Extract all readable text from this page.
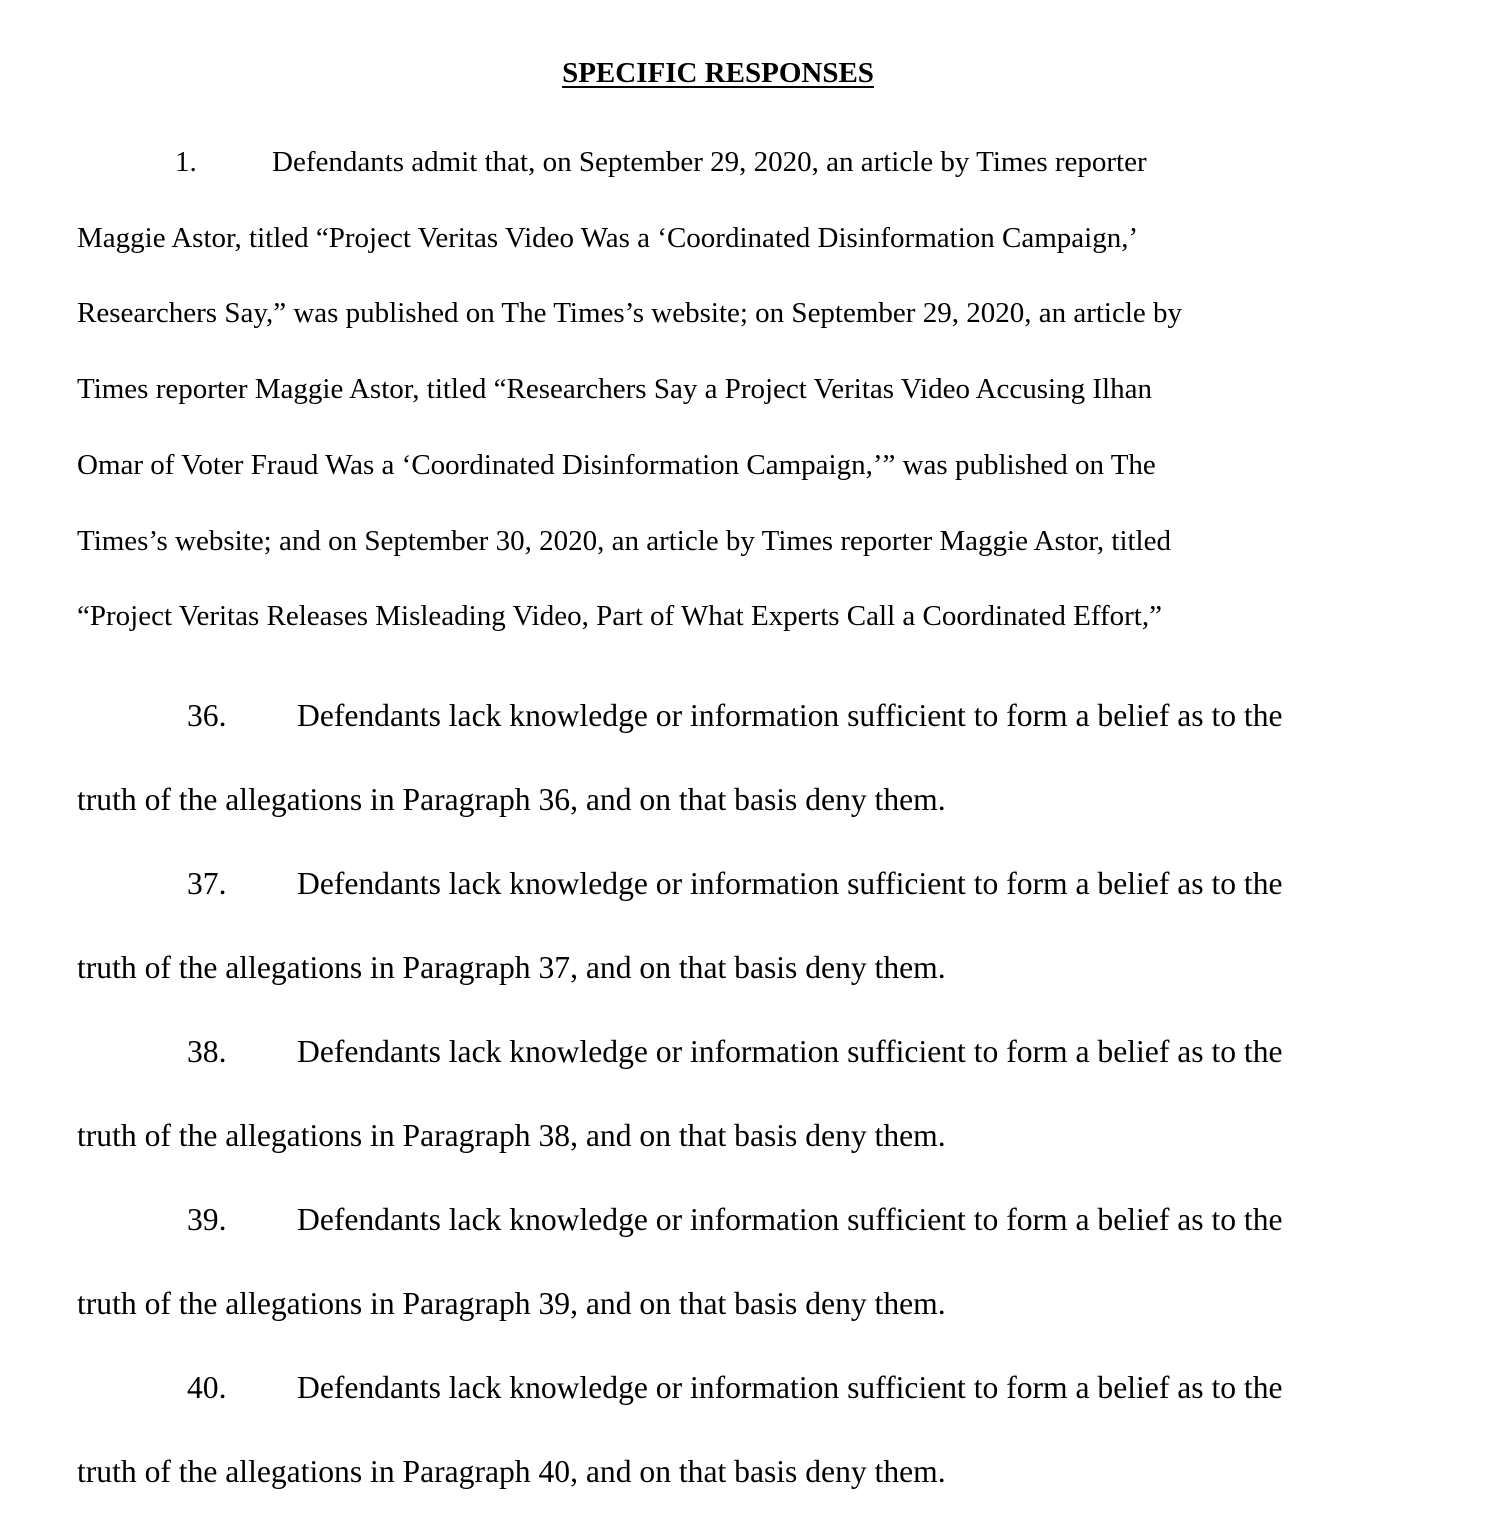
SPECIFIC RESPONSES
1.	Defendants admit that, on September 29, 2020, an article by Times reporter
Maggie Astor, titled “Project Veritas Video Was a ‘Coordinated Disinformation Campaign,’
Researchers Say,” was published on The Times’s website; on September 29, 2020, an article by
Times reporter Maggie Astor, titled “Researchers Say a Project Veritas Video Accusing Ilhan
Omar of Voter Fraud Was a ‘Coordinated Disinformation Campaign,’” was published on The
Times’s website; and on September 30, 2020, an article by Times reporter Maggie Astor, titled
“Project Veritas Releases Misleading Video, Part of What Experts Call a Coordinated Effort,”
36. Defendants lack knowledge or information sufficient to form a belief as to the
truth of the allegations in Paragraph 36, and on that basis deny them.
37. Defendants lack knowledge or information sufficient to form a belief as to the
truth of the allegations in Paragraph 37, and on that basis deny them.
38. Defendants lack knowledge or information sufficient to form a belief as to the
truth of the allegations in Paragraph 38, and on that basis deny them.
39. Defendants lack knowledge or information sufficient to form a belief as to the
truth of the allegations in Paragraph 39, and on that basis deny them.
40. Defendants lack knowledge or information sufficient to form a belief as to the
truth of the allegations in Paragraph 40, and on that basis deny them.
